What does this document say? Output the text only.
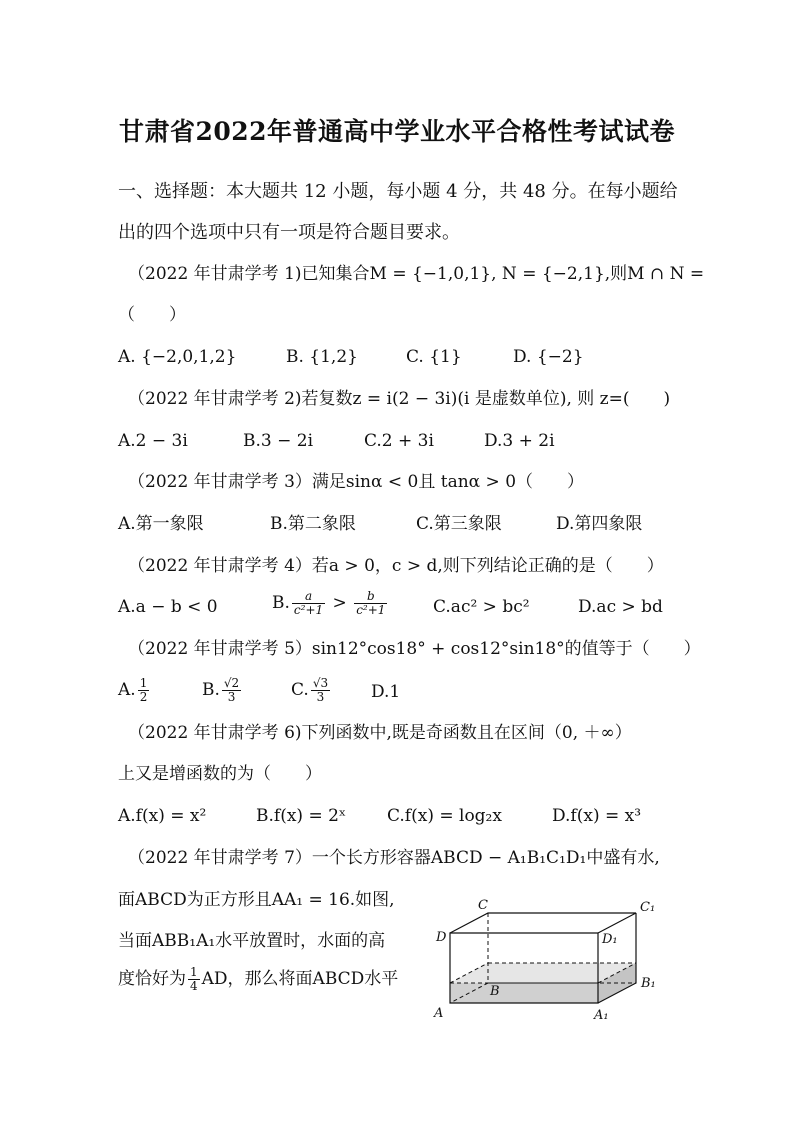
甘肃省2022年普通高中学业水平合格性考试试卷
一、选择题：本大题共 12 小题，每小题 4 分，共 48 分。在每小题给
出的四个选项中只有一项是符合题目要求。
（2022 年甘肃学考 1)已知集合M = {−1,0,1}, N = {−2,1},则M ∩ N =
（　　）
A. {−2,0,1,2}	B. {1,2}	C. {1}	D. {−2}
（2022 年甘肃学考 2)若复数z = i(2 − 3i)(i 是虚数单位), 则 z=(　　)
A.2 − 3i	B.3 − 2i	C.2 + 3i	D.3 + 2i
（2022 年甘肃学考 3）满足sinα < 0且 tanα > 0（　　）
A.第一象限	B.第二象限	C.第三象限	D.第四象限
（2022 年甘肃学考 4）若a > 0，c > d,则下列结论正确的是（　　）
A.a − b < 0	B. $\frac{a}{\text{c²+1}} > \frac{b}{\text{c²+1}}$	C.ac² > bc²	D.ac > bd
（2022 年甘肃学考 5）sin12°cos18° + cos12°sin18°的值等于（　　）
A. $\frac{1}{2}$	B. $\frac{√2}{3}$	C. $\frac{√3}{3} D.1$
（2022 年甘肃学考 6)下列函数中,既是奇函数且在区间（0, ＋∞）
上又是增函数的为（　　）
A.f(x) = x²	B.f(x) = 2ˣ C.f(x) = log₂x	D.f(x) = x³
（2022 年甘肃学考 7）一个长方形容器ABCD − A₁B₁C₁D₁中盛有水,
面ABCD为正方形且AA₁ = 16.如图,
当面ABB₁A₁水平放置时，水面的高
度恰好为 $\frac{1}{4}$ AD，那么将面ABCD水平
C	C₁
D	D₁
B
B₁
A	A₁
